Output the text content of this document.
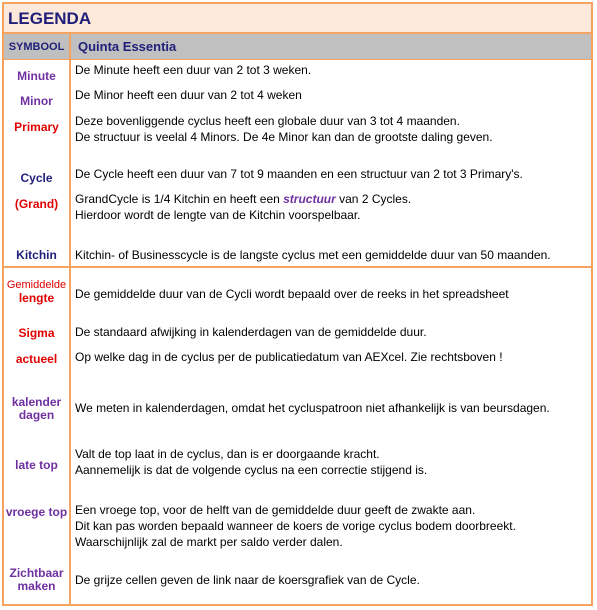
LEGENDA
SYMBOOL	Quinta Essentia
Minute
Minor
Primary
Cycle
(Grand)
Kitchin
Gemiddelde
lengte
Sigma
actueel
kalender
dagen
late top
vroege top
Zichtbaar
maken
De Minute heeft een duur van 2 tot 3 weken.
De Minor heeft een duur van 2 tot 4 weken
Deze bovenliggende cyclus heeft een globale duur van 3 tot 4 maanden.
De structuur is veelal 4 Minors. De 4e Minor kan dan de grootste daling geven.
De Cycle heeft een duur van 7 tot 9 maanden en een structuur van 2 tot 3 Primary's.
GrandCycle is 1/4 Kitchin en heeft een structuur van 2 Cycles.
Hierdoor wordt de lengte van de Kitchin voorspelbaar.
Kitchin- of Businesscycle is de langste cyclus met een gemiddelde duur van 50 maanden.
De gemiddelde duur van de Cycli wordt bepaald over de reeks in het spreadsheet
De standaard afwijking in kalenderdagen van de gemiddelde duur.
Op welke dag in de cyclus per de publicatiedatum van AEXcel. Zie rechtsboven !
We meten in kalenderdagen, omdat het cycluspatroon niet afhankelijk is van beursdagen.
Valt de top laat in de cyclus, dan is er doorgaande kracht.
Aannemelijk is dat de volgende cyclus na een correctie stijgend is.
Een vroege top, voor de helft van de gemiddelde duur geeft de zwakte aan.
Dit kan pas worden bepaald wanneer de koers de vorige cyclus bodem doorbreekt.
Waarschijnlijk zal de markt per saldo verder dalen.
De grijze cellen geven de link naar de koersgrafiek van de Cycle.
